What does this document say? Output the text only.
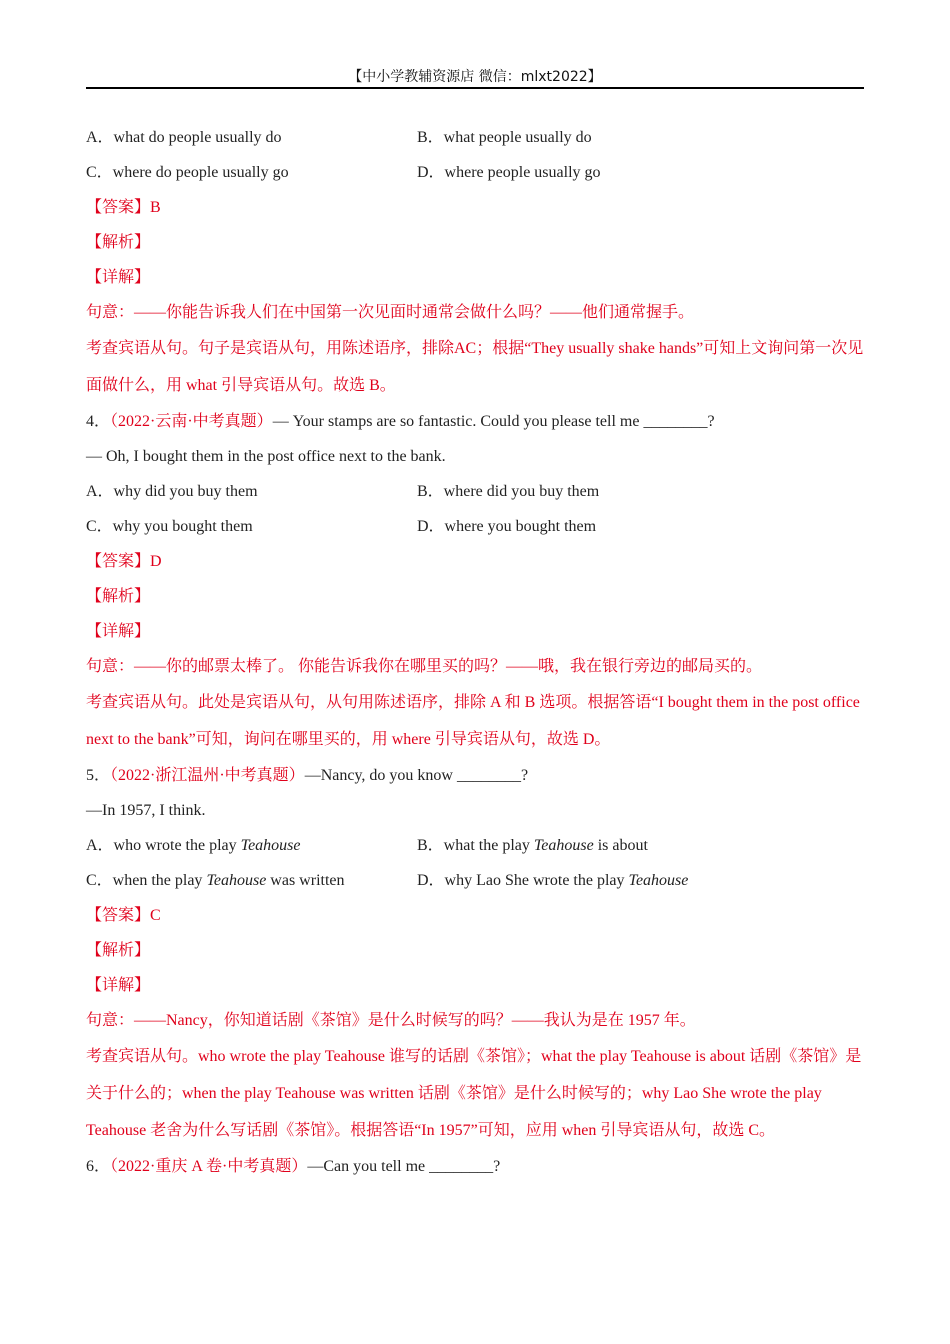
【中小学教辅资源店 微信：mlxt2022】
A．what do people usually do	B．what people usually do
C．where do people usually go	D．where people usually go
【答案】B
【解析】
【详解】
句意：——你能告诉我人们在中国第一次见面时通常会做什么吗？——他们通常握手。
考查宾语从句。句子是宾语从句，用陈述语序，排除AC；根据“They usually shake hands”可知上文询问第一次见面做什么，用 what 引导宾语从句。故选 B。
4．（2022·云南·中考真题）— Your stamps are so fantastic. Could you please tell me ________?
— Oh, I bought them in the post office next to the bank.
A．why did you buy them	B．where did you buy them
C．why you bought them	D．where you bought them
【答案】D
【解析】
【详解】
句意：——你的邮票太棒了。 你能告诉我你在哪里买的吗？——哦，我在银行旁边的邮局买的。
考查宾语从句。此处是宾语从句，从句用陈述语序，排除 A 和 B 选项。根据答语“I bought them in the post office next to the bank”可知，询问在哪里买的，用 where 引导宾语从句，故选 D。
5．（2022·浙江温州·中考真题）—Nancy, do you know ________?
—In 1957, I think.
A．who wrote the play Teahouse	B．what the play Teahouse is about
C．when the play Teahouse was written	D．why Lao She wrote the play Teahouse
【答案】C
【解析】
【详解】
句意：——Nancy，你知道话剧《茶馆》是什么时候写的吗？——我认为是在 1957 年。
考查宾语从句。who wrote the play Teahouse 谁写的话剧《茶馆》；what the play Teahouse is about 话剧《茶馆》是关于什么的；when the play Teahouse was written 话剧《茶馆》是什么时候写的；why Lao She wrote the play Teahouse 老舍为什么写话剧《茶馆》。根据答语“In 1957”可知，应用 when 引导宾语从句，故选 C。
6．（2022·重庆 A 卷·中考真题）—Can you tell me ________?
